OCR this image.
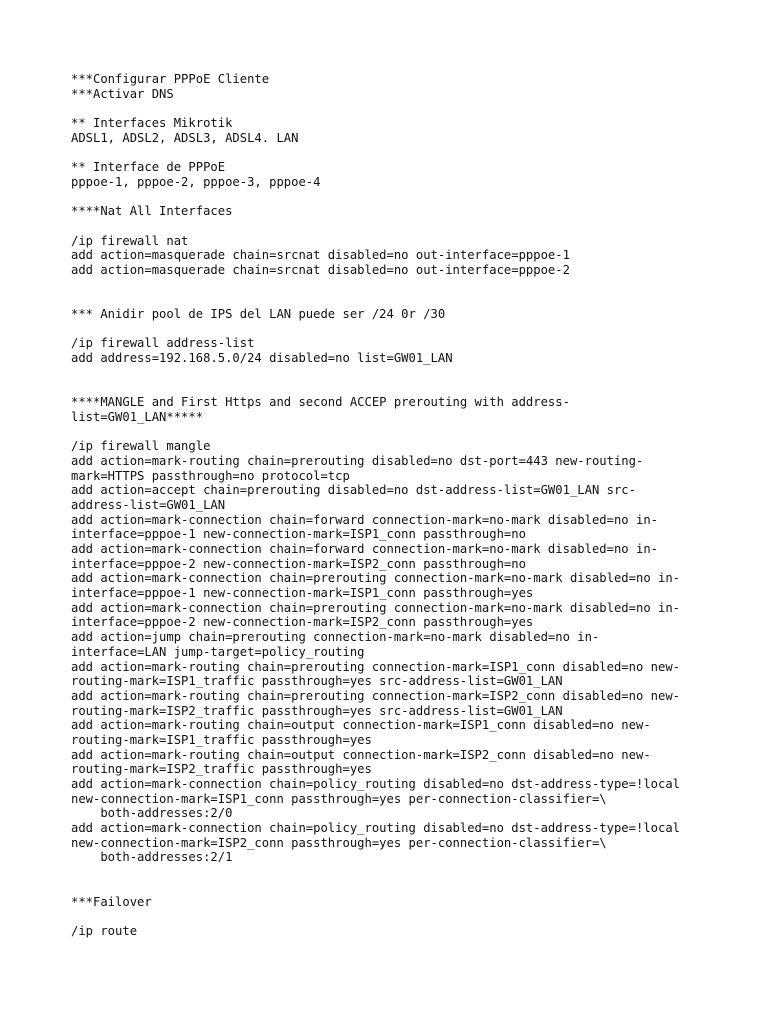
***Configurar PPPoE Cliente
***Activar DNS
** Interfaces Mikrotik
ADSL1, ADSL2, ADSL3, ADSL4. LAN
** Interface de PPPoE
pppoe-1, pppoe-2, pppoe-3, pppoe-4
****Nat All Interfaces
/ip firewall nat
add action=masquerade chain=srcnat disabled=no out-interface=pppoe-1
add action=masquerade chain=srcnat disabled=no out-interface=pppoe-2
*** Anidir pool de IPS del LAN puede ser /24 0r /30
/ip firewall address-list
add address=192.168.5.0/24 disabled=no list=GW01_LAN
****MANGLE and First Https and second ACCEP prerouting with address-
list=GW01_LAN*****
/ip firewall mangle
add action=mark-routing chain=prerouting disabled=no dst-port=443 new-routing-
mark=HTTPS passthrough=no protocol=tcp
add action=accept chain=prerouting disabled=no dst-address-list=GW01_LAN src-
address-list=GW01_LAN
add action=mark-connection chain=forward connection-mark=no-mark disabled=no in-
interface=pppoe-1 new-connection-mark=ISP1_conn passthrough=no
add action=mark-connection chain=forward connection-mark=no-mark disabled=no in-
interface=pppoe-2 new-connection-mark=ISP2_conn passthrough=no
add action=mark-connection chain=prerouting connection-mark=no-mark disabled=no in-
interface=pppoe-1 new-connection-mark=ISP1_conn passthrough=yes
add action=mark-connection chain=prerouting connection-mark=no-mark disabled=no in-
interface=pppoe-2 new-connection-mark=ISP2_conn passthrough=yes
add action=jump chain=prerouting connection-mark=no-mark disabled=no in-
interface=LAN jump-target=policy_routing
add action=mark-routing chain=prerouting connection-mark=ISP1_conn disabled=no new-
routing-mark=ISP1_traffic passthrough=yes src-address-list=GW01_LAN
add action=mark-routing chain=prerouting connection-mark=ISP2_conn disabled=no new-
routing-mark=ISP2_traffic passthrough=yes src-address-list=GW01_LAN
add action=mark-routing chain=output connection-mark=ISP1_conn disabled=no new-
routing-mark=ISP1_traffic passthrough=yes
add action=mark-routing chain=output connection-mark=ISP2_conn disabled=no new-
routing-mark=ISP2_traffic passthrough=yes
add action=mark-connection chain=policy_routing disabled=no dst-address-type=!local
new-connection-mark=ISP1_conn passthrough=yes per-connection-classifier=\
both-addresses:2/0
add action=mark-connection chain=policy_routing disabled=no dst-address-type=!local
new-connection-mark=ISP2_conn passthrough=yes per-connection-classifier=\
both-addresses:2/1
***Failover
/ip route
